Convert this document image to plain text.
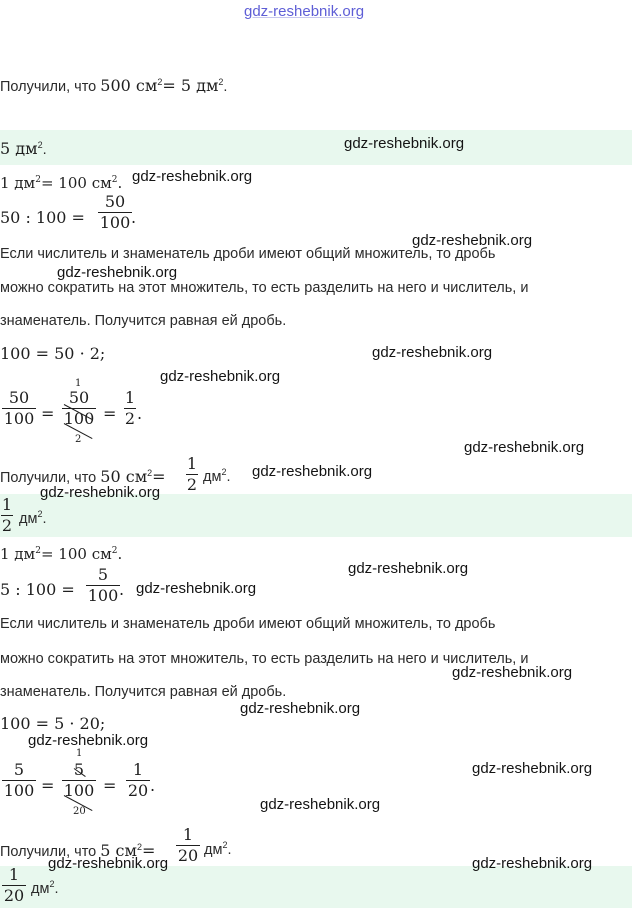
gdz-reshebnik.org
Получили, что 500 $см^2= 5$ $дм^2$.
5 $дм^2$.	gdz-reshebnik.org
1 $дм^2= 100$ $см^2$. gdz-reshebnik.org
50 : 100 =
50
100 .
Если числитель и знаменатель дроби имеют общий множитель, то дробь
gdz-reshebnik.org
gdz-reshebnik.org
можно сократить на этот множитель, то есть разделить на него и числитель, и
знаменатель. Получится равная ей дробь.
100 = 50 · 2;	gdz-reshebnik.org
gdz-reshebnik.org
50
100 =
1
50
100
2
=
1
2 .
gdz-reshebnik.org
Получили, что 50 $см^2=$
1
2 $дм^2$. gdz-reshebnik.org
gdz-reshebnik.org
1
2 $дм^2$.
1 $дм^2= 100$ $см^2$.
gdz-reshebnik.org
5 : 100 =
5
100 . gdz-reshebnik.org
Если числитель и знаменатель дроби имеют общий множитель, то дробь
можно сократить на этот множитель, то есть разделить на него и числитель, и
gdz-reshebnik.org
знаменатель. Получится равная ей дробь.
gdz-reshebnik.org
100 = 5 · 20;
gdz-reshebnik.org
5
100 =
1
5
100
20
=
1
20 .
gdz-reshebnik.org
gdz-reshebnik.org
Получили, что 5 $см^2=$
1
20 $дм^2$.
gdz-reshebnik.org	gdz-reshebnik.org
1
20 $дм^2$.
